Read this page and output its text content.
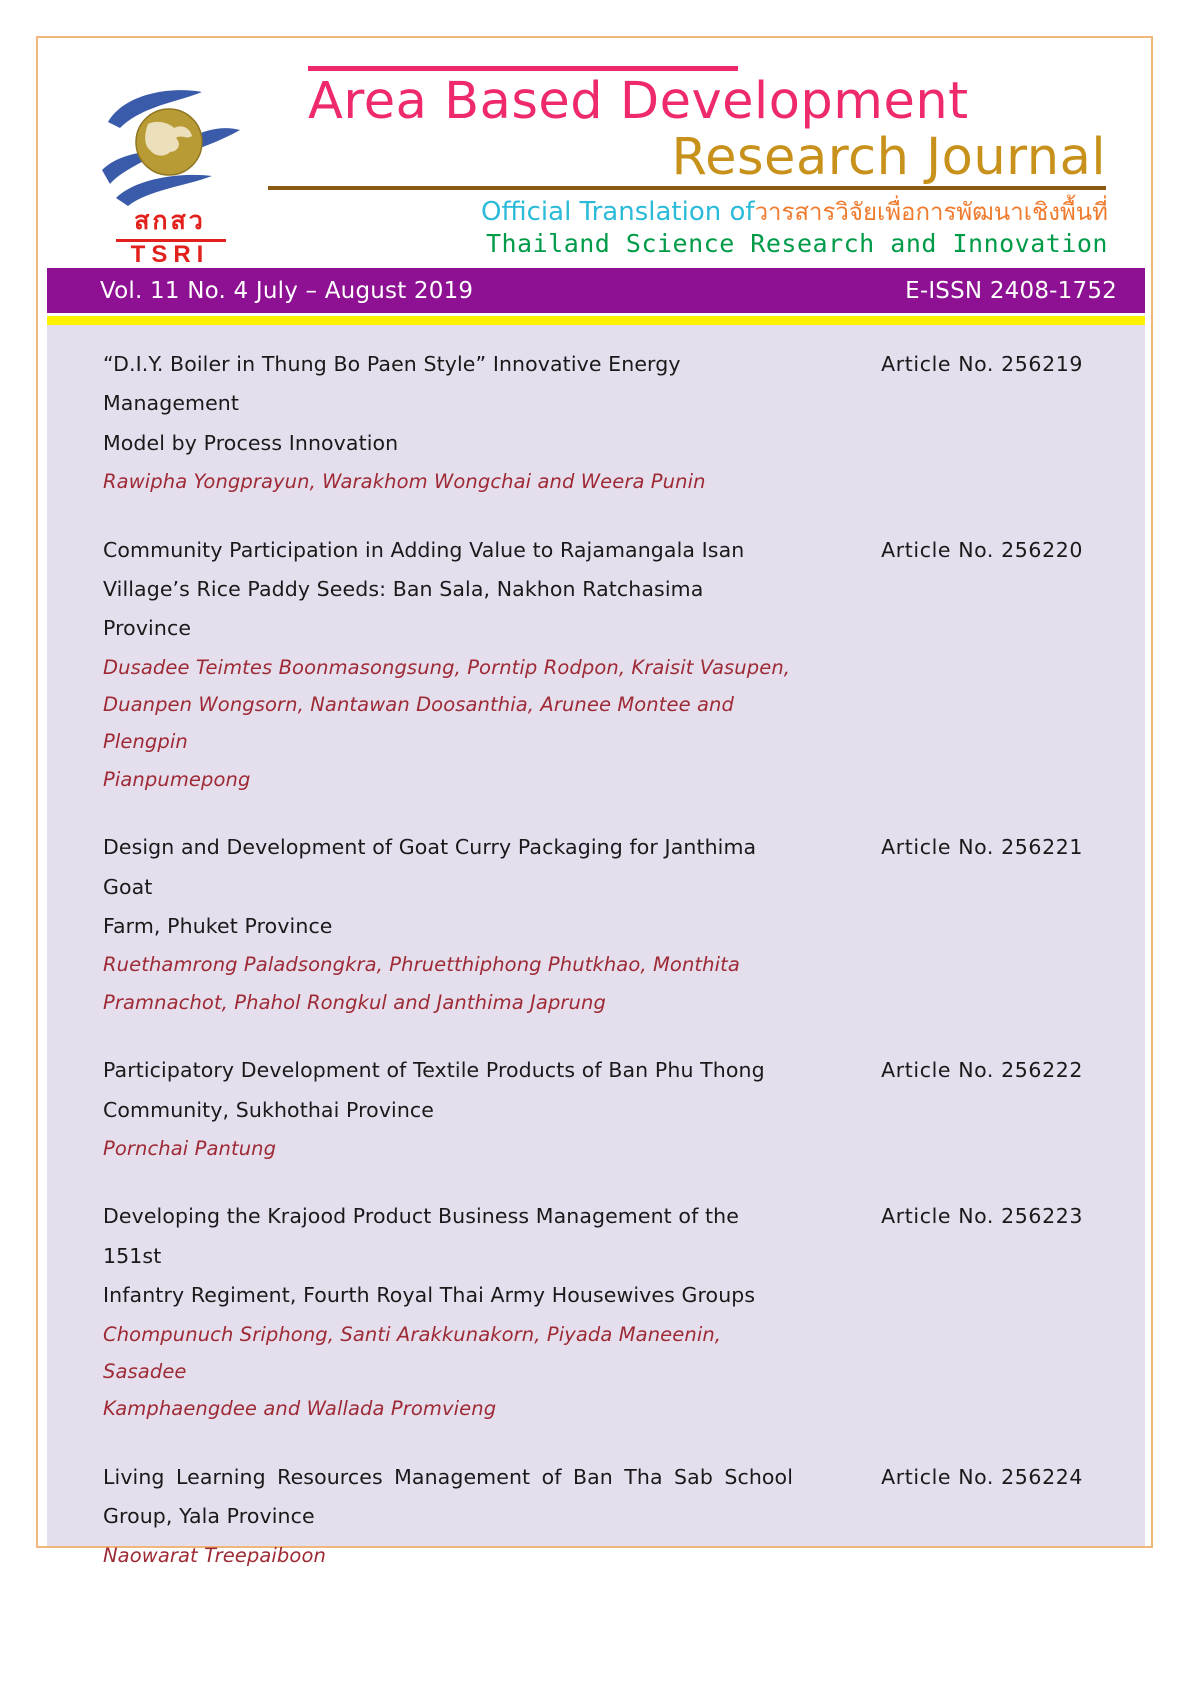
สกสว
TSRI
Area Based Development
Research Journal
Official Translation ofวารสารวิจัยเพื่อการพัฒนาเชิงพื้นที่
Thailand Science Research and Innovation
Vol. 11 No. 4 July – August 2019	E-ISSN 2408-1752
“D.I.Y. Boiler in Thung Bo Paen Style” Innovative Energy Management
Model by Process Innovation
Article No. 256219
Rawipha Yongprayun, Warakhom Wongchai and Weera Punin
Community Participation in Adding Value to Rajamangala Isan
Village’s Rice Paddy Seeds: Ban Sala, Nakhon Ratchasima Province
Article No. 256220
Dusadee Teimtes Boonmasongsung, Porntip Rodpon, Kraisit Vasupen,
Duanpen Wongsorn, Nantawan Doosanthia, Arunee Montee and Plengpin
Pianpumepong
Design and Development of Goat Curry Packaging for Janthima Goat
Farm, Phuket Province
Article No. 256221
Ruethamrong Paladsongkra, Phruetthiphong Phutkhao, Monthita
Pramnachot, Phahol Rongkul and Janthima Japrung
Participatory Development of Textile Products of Ban Phu Thong
Community, Sukhothai Province
Article No. 256222
Pornchai Pantung
Developing the Krajood Product Business Management of the 151st
Infantry Regiment, Fourth Royal Thai Army Housewives Groups
Article No. 256223
Chompunuch Sriphong, Santi Arakkunakorn, Piyada Maneenin, Sasadee
Kamphaengdee and Wallada Promvieng
Living Learning Resources Management of Ban Tha Sab School
Group, Yala Province
Article No. 256224
Naowarat Treepaiboon
